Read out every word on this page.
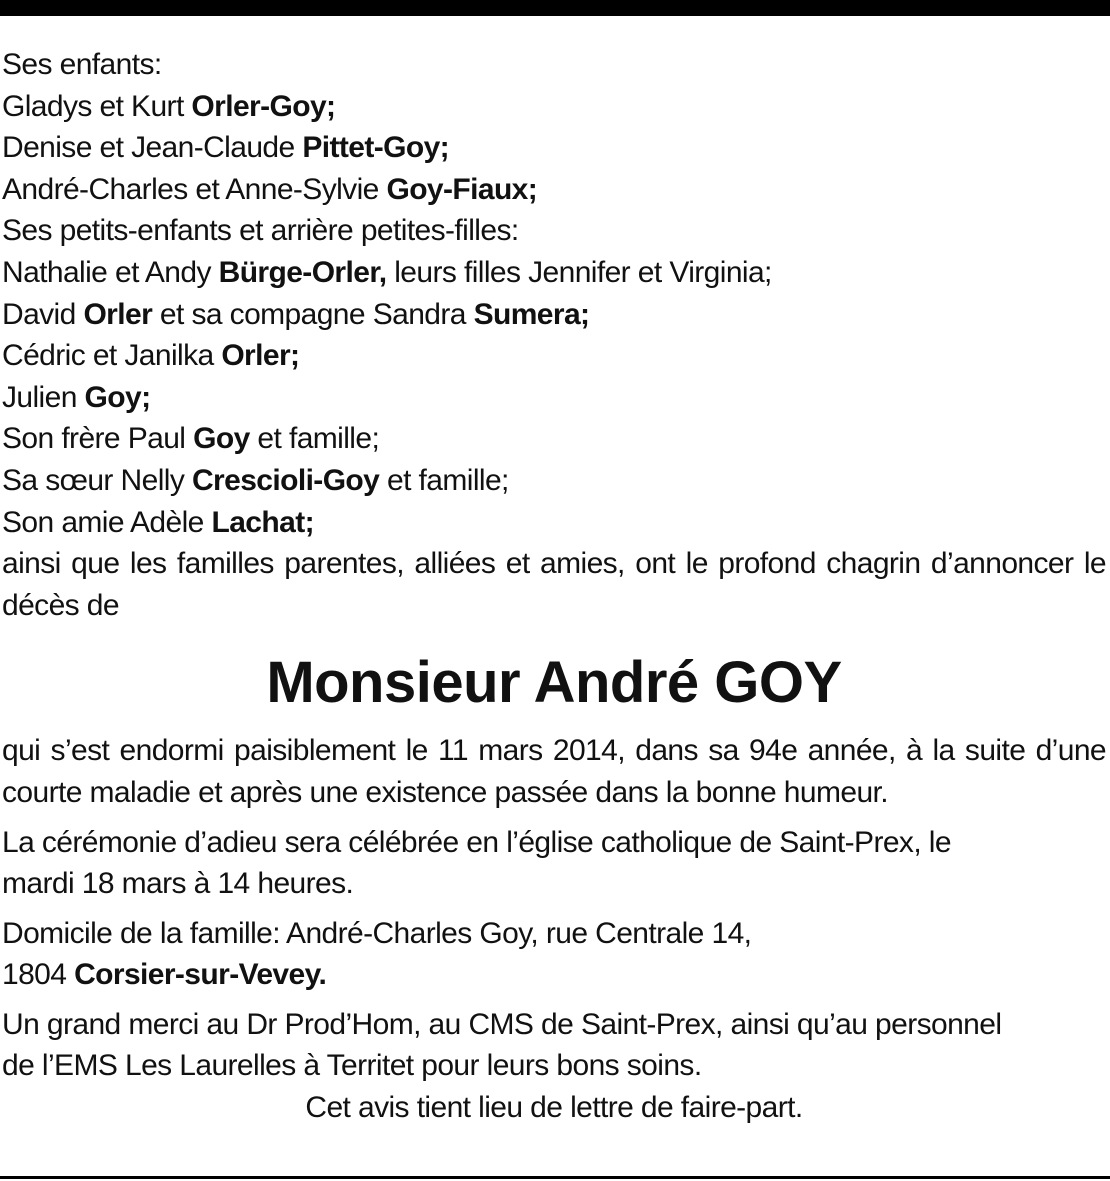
Ses enfants:
Gladys et Kurt Orler-Goy;
Denise et Jean-Claude Pittet-Goy;
André-Charles et Anne-Sylvie Goy-Fiaux;
Ses petits-enfants et arrière petites-filles:
Nathalie et Andy Bürge-Orler, leurs filles Jennifer et Virginia;
David Orler et sa compagne Sandra Sumera;
Cédric et Janilka Orler;
Julien Goy;
Son frère Paul Goy et famille;
Sa sœur Nelly Crescioli-Goy et famille;
Son amie Adèle Lachat;
ainsi que les familles parentes, alliées et amies, ont le profond chagrin d’annoncer le décès de
Monsieur André GOY
qui s’est endormi paisiblement le 11 mars 2014, dans sa 94e année, à la suite d’une courte maladie et après une existence passée dans la bonne humeur.
La cérémonie d’adieu sera célébrée en l’église catholique de Saint-Prex, le
mardi 18 mars à 14 heures.
Domicile de la famille: André-Charles Goy, rue Centrale 14,
1804 Corsier-sur-Vevey.
Un grand merci au Dr Prod’Hom, au CMS de Saint-Prex, ainsi qu’au personnel
de l’EMS Les Laurelles à Territet pour leurs bons soins.
Cet avis tient lieu de lettre de faire-part.
